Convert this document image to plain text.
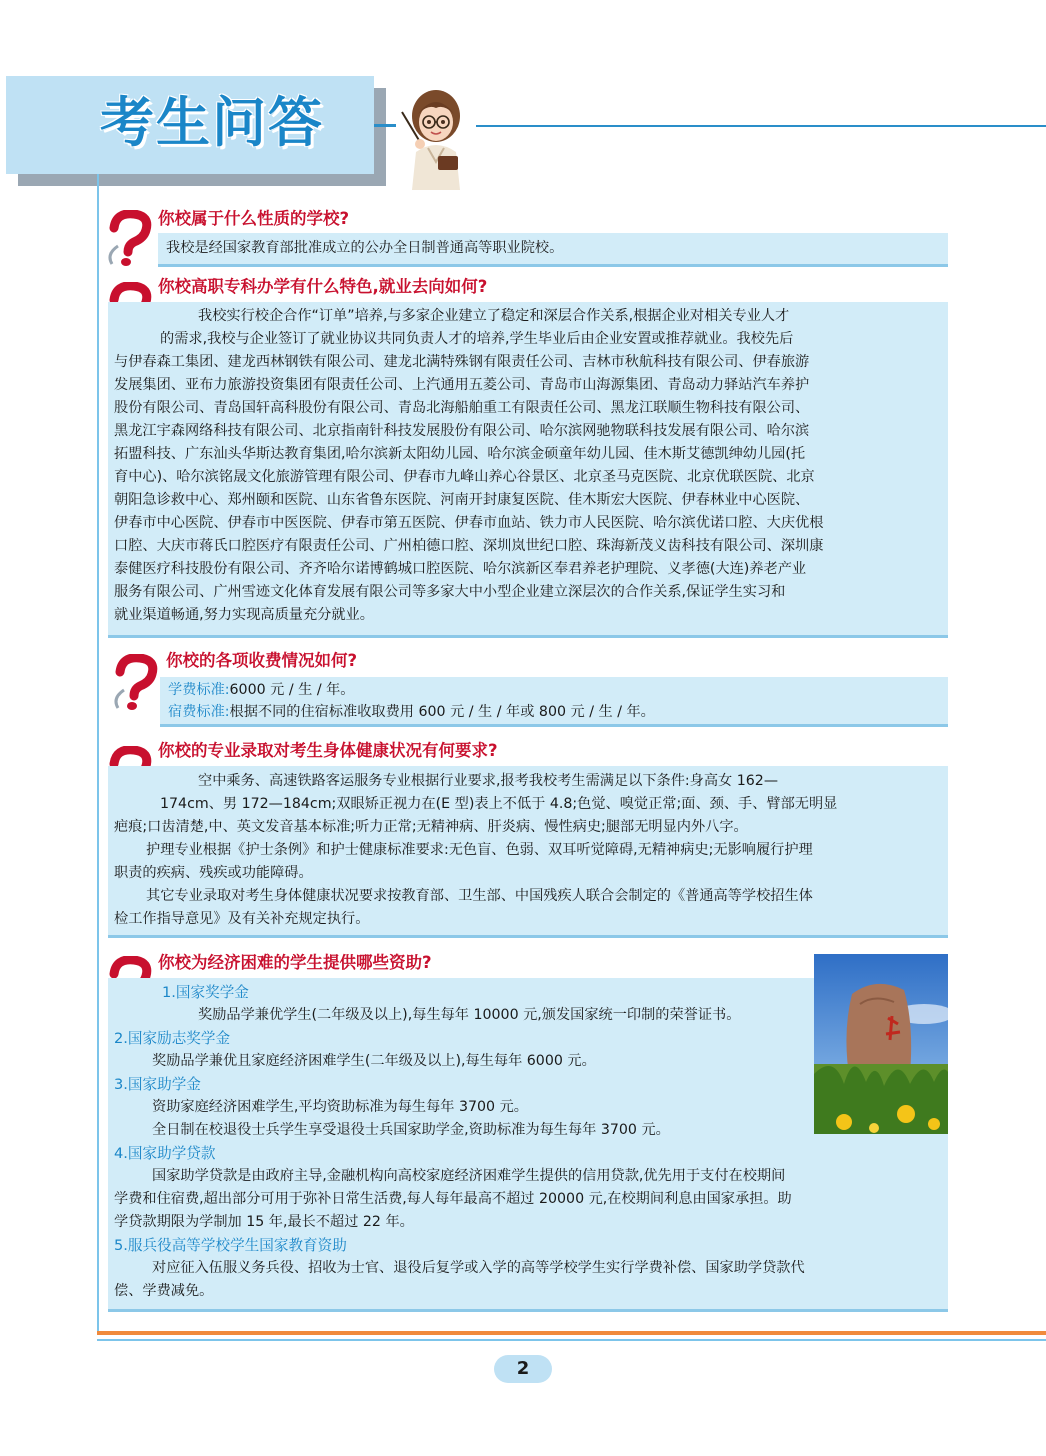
考生问答
你校属于什么性质的学校?

我校是经国家教育部批准成立的公办全日制普通高等职业院校。

你校高职专科办学有什么特色,就业去向如何?
我校实行校企合作“订单”培养,与多家企业建立了稳定和深层合作关系,根据企业对相关专业人才
的需求,我校与企业签订了就业协议共同负责人才的培养,学生毕业后由企业安置或推荐就业。我校先后
与伊春森工集团、建龙西林钢铁有限公司、建龙北满特殊钢有限责任公司、吉林市秋航科技有限公司、伊春旅游
发展集团、亚布力旅游投资集团有限责任公司、上汽通用五菱公司、青岛市山海源集团、青岛动力驿站汽车养护
股份有限公司、青岛国轩高科股份有限公司、青岛北海船舶重工有限责任公司、黑龙江联顺生物科技有限公司、
黑龙江宇森网络科技有限公司、北京指南针科技发展股份有限公司、哈尔滨网驰物联科技发展有限公司、哈尔滨
拓盟科技、广东汕头华斯达教育集团,哈尔滨新太阳幼儿园、哈尔滨金硕童年幼儿园、佳木斯艾德凯绅幼儿园(托
育中心)、哈尔滨铭晟文化旅游管理有限公司、伊春市九峰山养心谷景区、北京圣马克医院、北京优联医院、北京
朝阳急诊救中心、郑州颐和医院、山东省鲁东医院、河南开封康复医院、佳木斯宏大医院、伊春林业中心医院、
伊春市中心医院、伊春市中医医院、伊春市第五医院、伊春市血站、铁力市人民医院、哈尔滨优诺口腔、大庆优根
口腔、大庆市蒋氏口腔医疗有限责任公司、广州柏德口腔、深圳岚世纪口腔、珠海新茂义齿科技有限公司、深圳康
泰健医疗科技股份有限公司、齐齐哈尔诺博鹤城口腔医院、哈尔滨新区奉君养老护理院、义孝德(大连)养老产业
服务有限公司、广州雪迹文化体育发展有限公司等多家大中小型企业建立深层次的合作关系,保证学生实习和
就业渠道畅通,努力实现高质量充分就业。
你校的各项收费情况如何?
学费标准:6000 元 / 生 / 年。
宿费标准:根据不同的住宿标准收取费用 600 元 / 生 / 年或 800 元 / 生 / 年。
你校的专业录取对考生身体健康状况有何要求?
空中乘务、高速铁路客运服务专业根据行业要求,报考我校考生需满足以下条件:身高女 162—
174cm、男 172—184cm;双眼矫正视力在(E 型)表上不低于 4.8;色觉、嗅觉正常;面、颈、手、臂部无明显
疤痕;口齿清楚,中、英文发音基本标准;听力正常;无精神病、肝炎病、慢性病史;腿部无明显内外八字。
护理专业根据《护士条例》和护士健康标准要求:无色盲、色弱、双耳听觉障碍,无精神病史;无影响履行护理
职责的疾病、残疾或功能障碍。
其它专业录取对考生身体健康状况要求按教育部、卫生部、中国残疾人联合会制定的《普通高等学校招生体
检工作指导意见》及有关补充规定执行。
你校为经济困难的学生提供哪些资助?
1.国家奖学金
奖励品学兼优学生(二年级及以上),每生每年 10000 元,颁发国家统一印制的荣誉证书。
2.国家励志奖学金
奖励品学兼优且家庭经济困难学生(二年级及以上),每生每年 6000 元。
3.国家助学金
资助家庭经济困难学生,平均资助标准为每生每年 3700 元。
全日制在校退役士兵学生享受退役士兵国家助学金,资助标准为每生每年 3700 元。
4.国家助学贷款
国家助学贷款是由政府主导,金融机构向高校家庭经济困难学生提供的信用贷款,优先用于支付在校期间
学费和住宿费,超出部分可用于弥补日常生活费,每人每年最高不超过 20000 元,在校期间利息由国家承担。助
学贷款期限为学制加 15 年,最长不超过 22 年。
5.服兵役高等学校学生国家教育资助
对应征入伍服义务兵役、招收为士官、退役后复学或入学的高等学校学生实行学费补偿、国家助学贷款代
偿、学费减免。
2
